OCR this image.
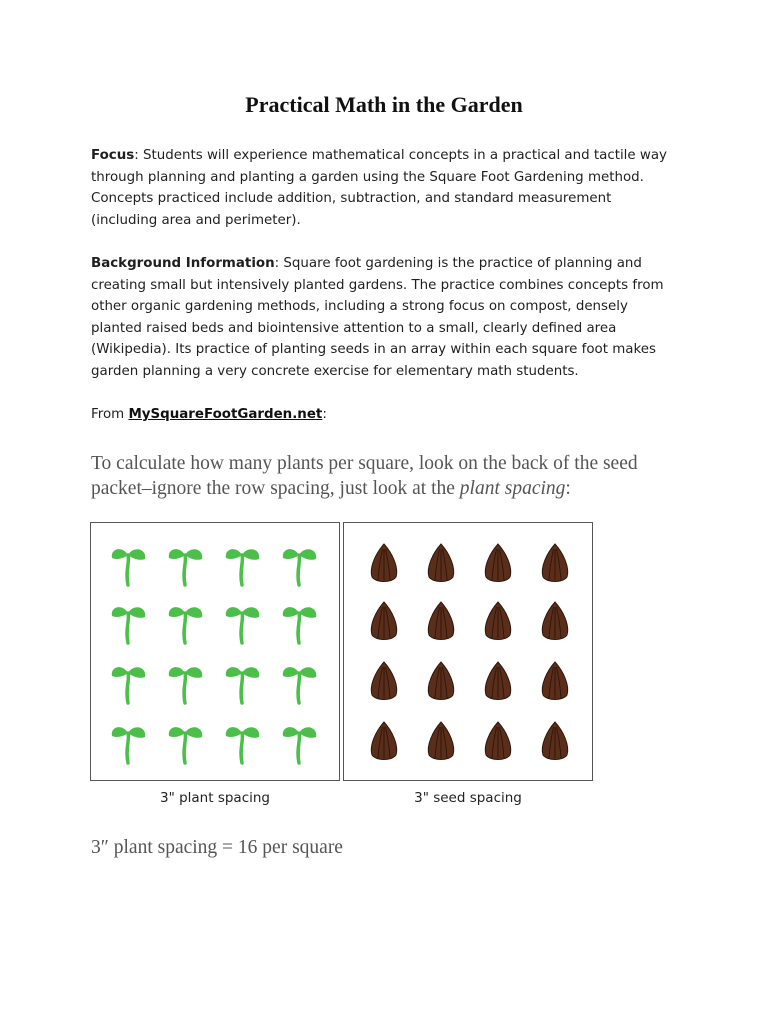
Practical Math in the Garden

Focus: Students will experience mathematical concepts in a practical and tactile way through planning and planting a garden using the Square Foot Gardening method. Concepts practiced include addition, subtraction, and standard measurement (including area and perimeter).

Background Information: Square foot gardening is the practice of planning and creating small but intensively planted gardens. The practice combines concepts from other organic gardening methods, including a strong focus on compost, densely planted raised beds and biointensive attention to a small, clearly defined area (Wikipedia). Its practice of planting seeds in an array within each square foot makes garden planning a very concrete exercise for elementary math students.

From MySquareFootGarden.net:

To calculate how many plants per square, look on the back of the seed packet–ignore the row spacing, just look at the plant spacing:

3" plant spacing	3" seed spacing

3″ plant spacing = 16 per square
